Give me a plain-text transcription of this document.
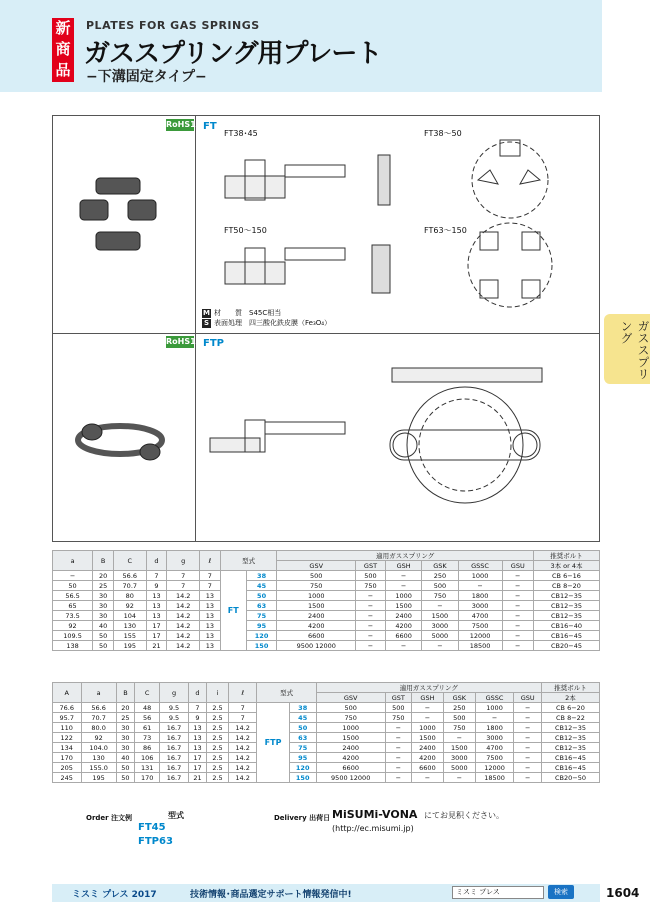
新商品
PLATES FOR GAS SPRINGS
ガススプリング用プレート
−下溝固定タイプ−
ガススプリング
RoHS10 FT
FT38･45	FT38〜50
FT50〜150	FT63〜150
M 材　　質　S45C相当
S 表面処理　四三酸化鉄皮膜（Fe₃O₄）
RoHS10 FTP
a	B	C	d	g	ℓ	型式		適用ガススプリング						推奨ボルト
								GSV	GST	GSH	GSK	GSSC	GSU	3本 or 4本
−	20	56.6	7	7	7	FT	38	500	500	−	250	1000	−	CB 6−16
50	25	70.7	9	7	7		45	750	750	−	500	−	−	CB 8−20
56.5	30	80	13	14.2	13		50	1000	−	1000	750	1800	−	CB12−35
65	30	92	13	14.2	13		63	1500	−	1500	−	3000	−	CB12−35
73.5	30	104	13	14.2	13		75	2400	−	2400	1500	4700	−	CB12−35
92	40	130	17	14.2	13		95	4200	−	4200	3000	7500	−	CB16−40
109.5	50	155	17	14.2	13		120	6600	−	6600	5000	12000	−	CB16−45
138	50	195	21	14.2	13		150	9500 12000	−	−	−	18500	−	CB20−45
A	a	B	C	g	d	i	ℓ	型式		適用ガススプリング						推奨ボルト
										GSV	GST	GSH	GSK	GSSC	GSU	2本
76.6	56.6	20	48	9.5	7	2.5	7	FTP	38	500	500	−	250	1000	−	CB 6−20
95.7	70.7	25	56	9.5	9	2.5	7		45	750	750	−	500	−	−	CB 8−22
110	80.0	30	61	16.7	13	2.5	14.2		50	1000	−	1000	750	1800	−	CB12−35
122	92	30	73	16.7	13	2.5	14.2		63	1500	−	1500	−	3000	−	CB12−35
134	104.0	30	86	16.7	13	2.5	14.2		75	2400	−	2400	1500	4700	−	CB12−35
170	130	40	106	16.7	17	2.5	14.2		95	4200	−	4200	3000	7500	−	CB16−45
205	155.0	50	131	16.7	17	2.5	14.2		120	6600	−	6600	5000	12000	−	CB16−45
245	195	50	170	16.7	21	2.5	14.2		150	9500 12000	−	−	−	18500	−	CB20−50
Order 注文例	型式
FT45
FTP63
Delivery 出荷日 MiSUMi-VONA にてお見积ください。
(http://ec.misumi.jp)
ミスミ プレス 2017	技術情報･商品選定サポート情報発信中!	ミスミ プレス	検索	1604
